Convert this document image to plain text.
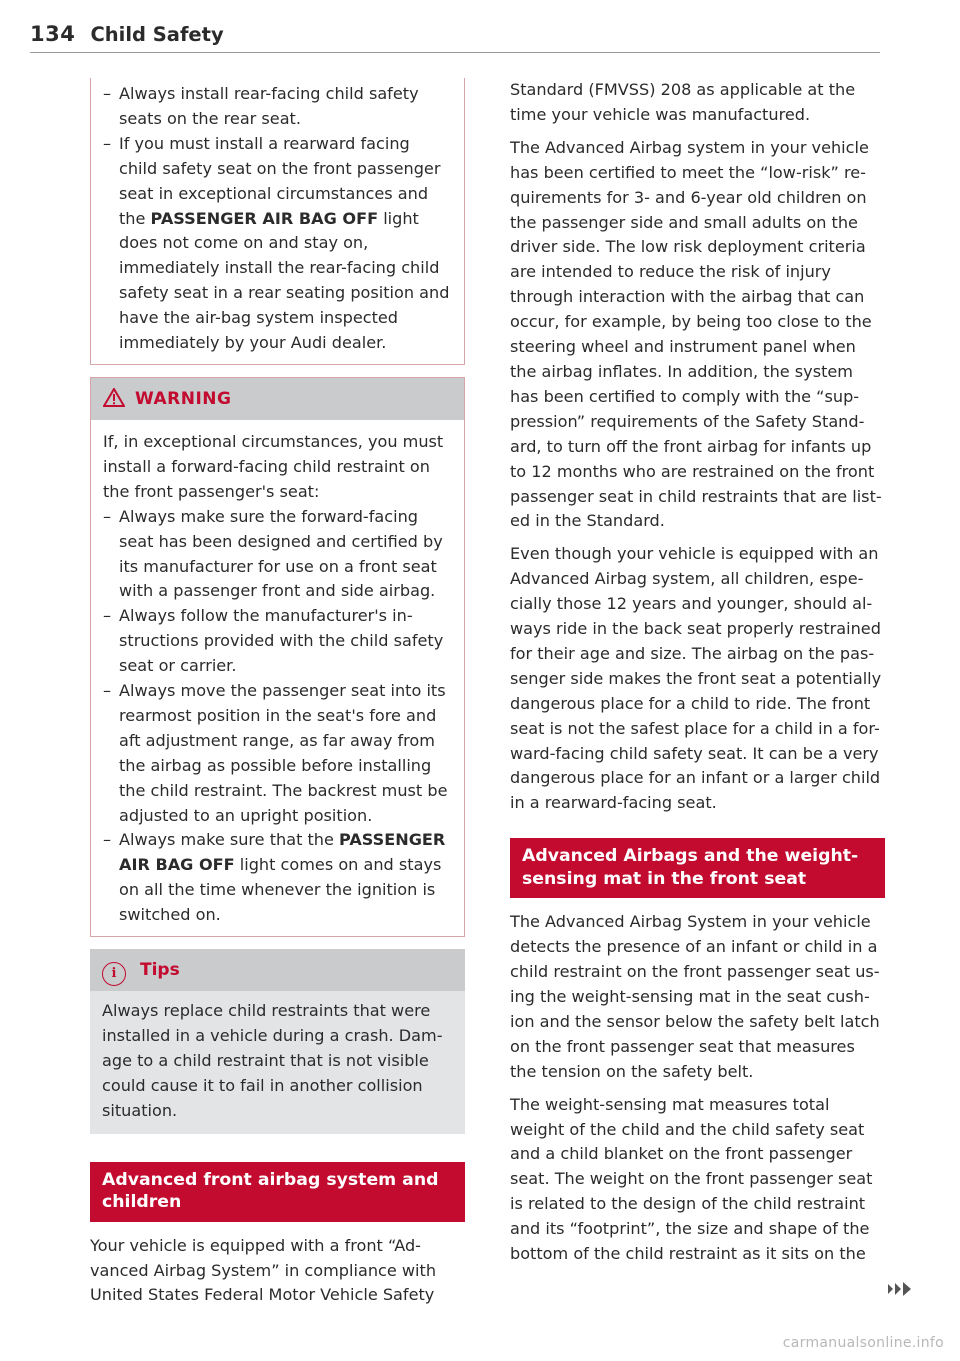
134 Child Safety
– Always install rear-facing child safety seats on the rear seat.
– If you must install a rearward facing child safety seat on the front passenger seat in exceptional circumstances and the PASSENGER AIR BAG OFF light does not come on and stay on, immediately install the rear-facing child safety seat in a rear seating position and have the air-bag system inspected immediately by your Audi dealer.
WARNING

If, in exceptional circumstances, you must install a forward-facing child restraint on the front passenger's seat:

– Always make sure the forward-facing seat has been designed and certified by its manufacturer for use on a front seat with a passenger front and side airbag.
– Always follow the manufacturer's in-structions provided with the child safety seat or carrier.
– Always move the passenger seat into its rearmost position in the seat's fore and aft adjustment range, as far away from the airbag as possible before installing the child restraint. The backrest must be adjusted to an upright position.
– Always make sure that the PASSENGER AIR BAG OFF light comes on and stays on all the time whenever the ignition is switched on.
i Tips

Always replace child restraints that were installed in a vehicle during a crash. Dam-age to a child restraint that is not visible could cause it to fail in another collision situation.

Advanced front airbag system and children

Your vehicle is equipped with a front “Ad-vanced Airbag System” in compliance with United States Federal Motor Vehicle Safety

Standard (FMVSS) 208 as applicable at the time your vehicle was manufactured.

The Advanced Airbag system in your vehicle has been certified to meet the “low-risk” re-quirements for 3- and 6-year old children on the passenger side and small adults on the driver side. The low risk deployment criteria are intended to reduce the risk of injury through interaction with the airbag that can occur, for example, by being too close to the steering wheel and instrument panel when the airbag inflates. In addition, the system has been certified to comply with the “sup-pression” requirements of the Safety Stand-ard, to turn off the front airbag for infants up to 12 months who are restrained on the front passenger seat in child restraints that are list-ed in the Standard.

Even though your vehicle is equipped with an Advanced Airbag system, all children, espe-cially those 12 years and younger, should al-ways ride in the back seat properly restrained for their age and size. The airbag on the pas-senger side makes the front seat a potentially dangerous place for a child to ride. The front seat is not the safest place for a child in a for-ward-facing child safety seat. It can be a very dangerous place for an infant or a larger child in a rearward-facing seat.

Advanced Airbags and the weight-sensing mat in the front seat

The Advanced Airbag System in your vehicle detects the presence of an infant or child in a child restraint on the front passenger seat us-ing the weight-sensing mat in the seat cush-ion and the sensor below the safety belt latch on the front passenger seat that measures the tension on the safety belt.

The weight-sensing mat measures total weight of the child and the child safety seat and a child blanket on the front passenger seat. The weight on the front passenger seat is related to the design of the child restraint and its “footprint”, the size and shape of the bottom of the child restraint as it sits on the

carmanualsonline.info
